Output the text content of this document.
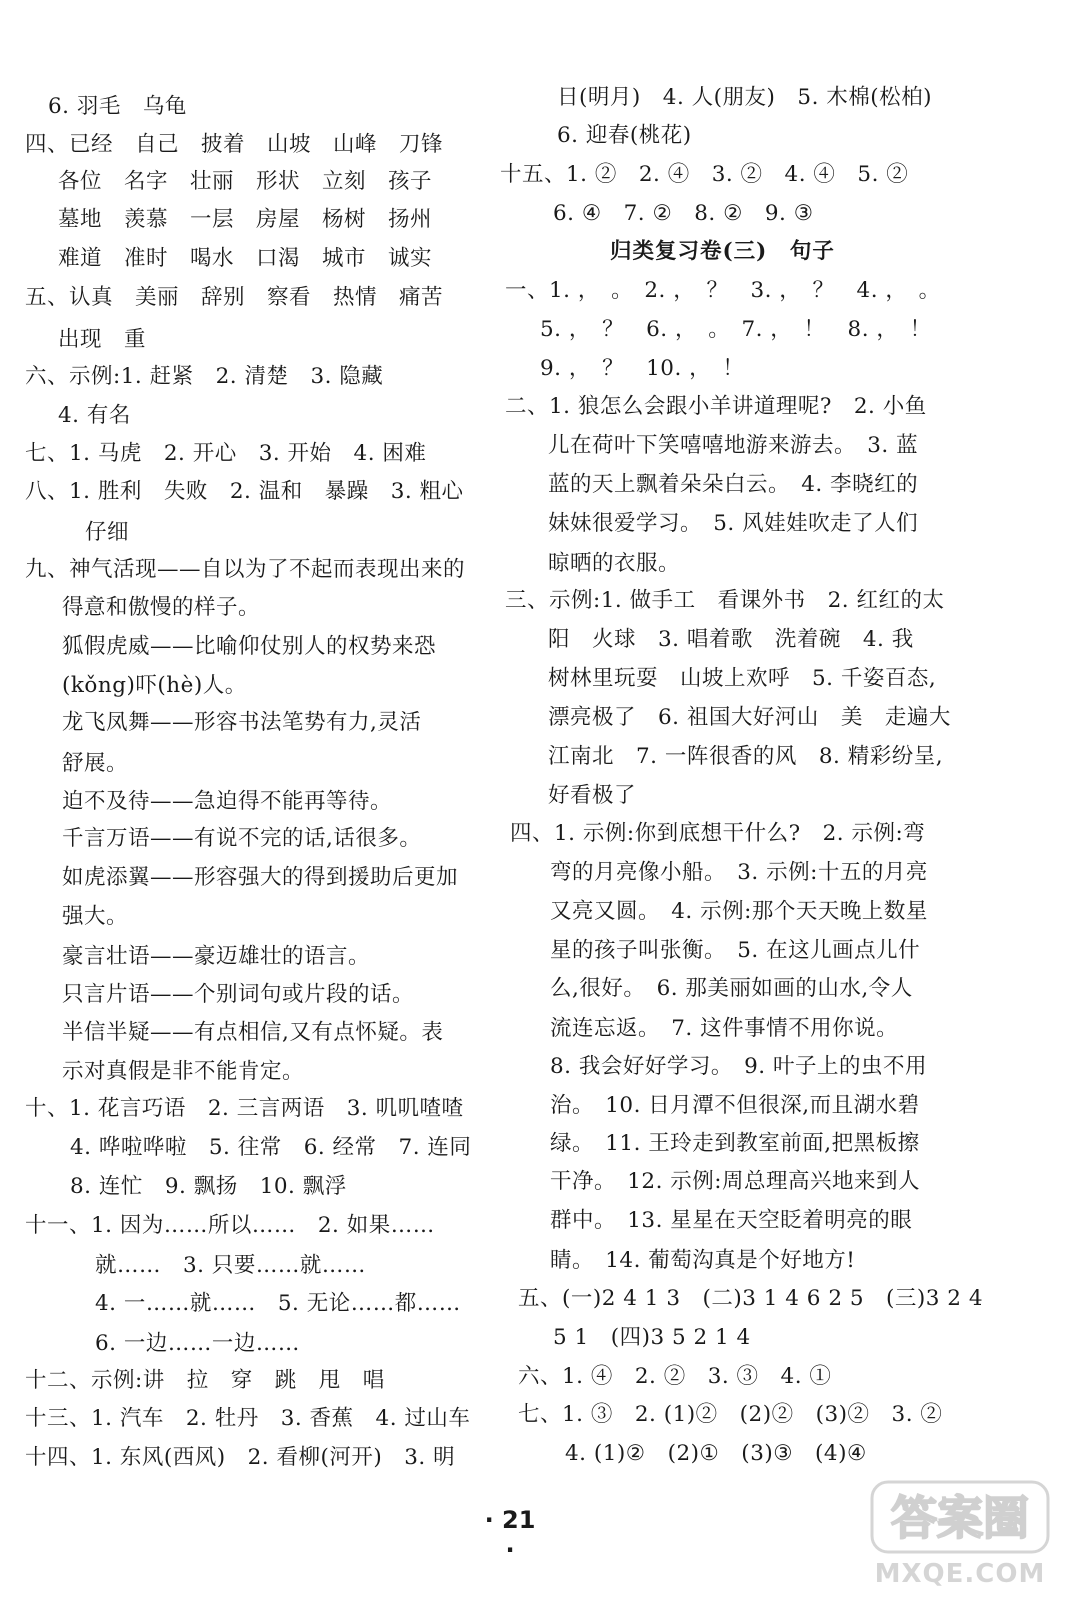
6. 羽毛　乌龟
四、已经　自己　披着　山坡　山峰　刀锋
各位　名字　壮丽　形状　立刻　孩子
墓地　羡慕　一层　房屋　杨树　扬州
难道　准时　喝水　口渴　城市　诚实
五、认真　美丽　辞别　察看　热情　痛苦
出现　重
六、示例:1. 赶紧　2. 清楚　3. 隐藏
4. 有名
七、1. 马虎　2. 开心　3. 开始　4. 困难
八、1. 胜利　失败　2. 温和　暴躁　3. 粗心
仔细
九、神气活现——自以为了不起而表现出来的
得意和傲慢的样子。
狐假虎威——比喻仰仗别人的权势来恐
(kǒng)吓(hè)人。
龙飞凤舞——形容书法笔势有力,灵活
舒展。
迫不及待——急迫得不能再等待。
千言万语——有说不完的话,话很多。
如虎添翼——形容强大的得到援助后更加
强大。
豪言壮语——豪迈雄壮的语言。
只言片语——个别词句或片段的话。
半信半疑——有点相信,又有点怀疑。表
示对真假是非不能肯定。
十、1. 花言巧语　2. 三言两语　3. 叽叽喳喳
4. 哗啦哗啦　5. 往常　6. 经常　7. 连同
8. 连忙　9. 飘扬　10. 飘浮
十一、1. 因为……所以……　2. 如果……
就……　3. 只要……就……
4. 一……就……　5. 无论……都……
6. 一边……一边……
十二、示例:讲　拉　穿　跳　甩　唱
十三、1. 汽车　2. 牡丹　3. 香蕉　4. 过山车
十四、1. 东风(西风)　2. 看柳(河开)　3. 明
日(明月)　4. 人(朋友)　5. 木棉(松柏)
6. 迎春(桃花)
十五、1. ②　2. ④　3. ②　4. ④　5. ②
6. ④　7. ②　8. ②　9. ③
归类复习卷(三)　句子
一、1. ，　。　2. ，　？　3. ，　？　4. ，　。
5. ，　？　6. ，　。　7. ，　！　8. ，　！
9. ，　？　10. ，　！
二、1. 狼怎么会跟小羊讲道理呢?　2. 小鱼
儿在荷叶下笑嘻嘻地游来游去。　3. 蓝
蓝的天上飘着朵朵白云。　4. 李晓红的
妹妹很爱学习。　5. 风娃娃吹走了人们
晾晒的衣服。
三、示例:1. 做手工　看课外书　2. 红红的太
阳　火球　3. 唱着歌　洗着碗　4. 我
树林里玩耍　山坡上欢呼　5. 千姿百态,
漂亮极了　6. 祖国大好河山　美　走遍大
江南北　7. 一阵很香的风　8. 精彩纷呈,
好看极了
四、1. 示例:你到底想干什么?　2. 示例:弯
弯的月亮像小船。　3. 示例:十五的月亮
又亮又圆。　4. 示例:那个天天晚上数星
星的孩子叫张衡。　5. 在这儿画点儿什
么,很好。　6. 那美丽如画的山水,令人
流连忘返。　7. 这件事情不用你说。
8. 我会好好学习。　9. 叶子上的虫不用
治。　10. 日月潭不但很深,而且湖水碧
绿。　11. 王玲走到教室前面,把黑板擦
干净。　12. 示例:周总理高兴地来到人
群中。　13. 星星在天空眨着明亮的眼
睛。　14. 葡萄沟真是个好地方!
五、(一)2 4 1 3　(二)3 1 4 6 2 5　(三)3 2 4
5 1　(四)3 5 2 1 4
六、1. ④　2. ②　3. ③　4. ①
七、1. ③　2. (1)②　(2)②　(3)②　3. ②
4. (1)②　(2)①　(3)③　(4)④
· 21 ·
答案圈
MXQE.COM
